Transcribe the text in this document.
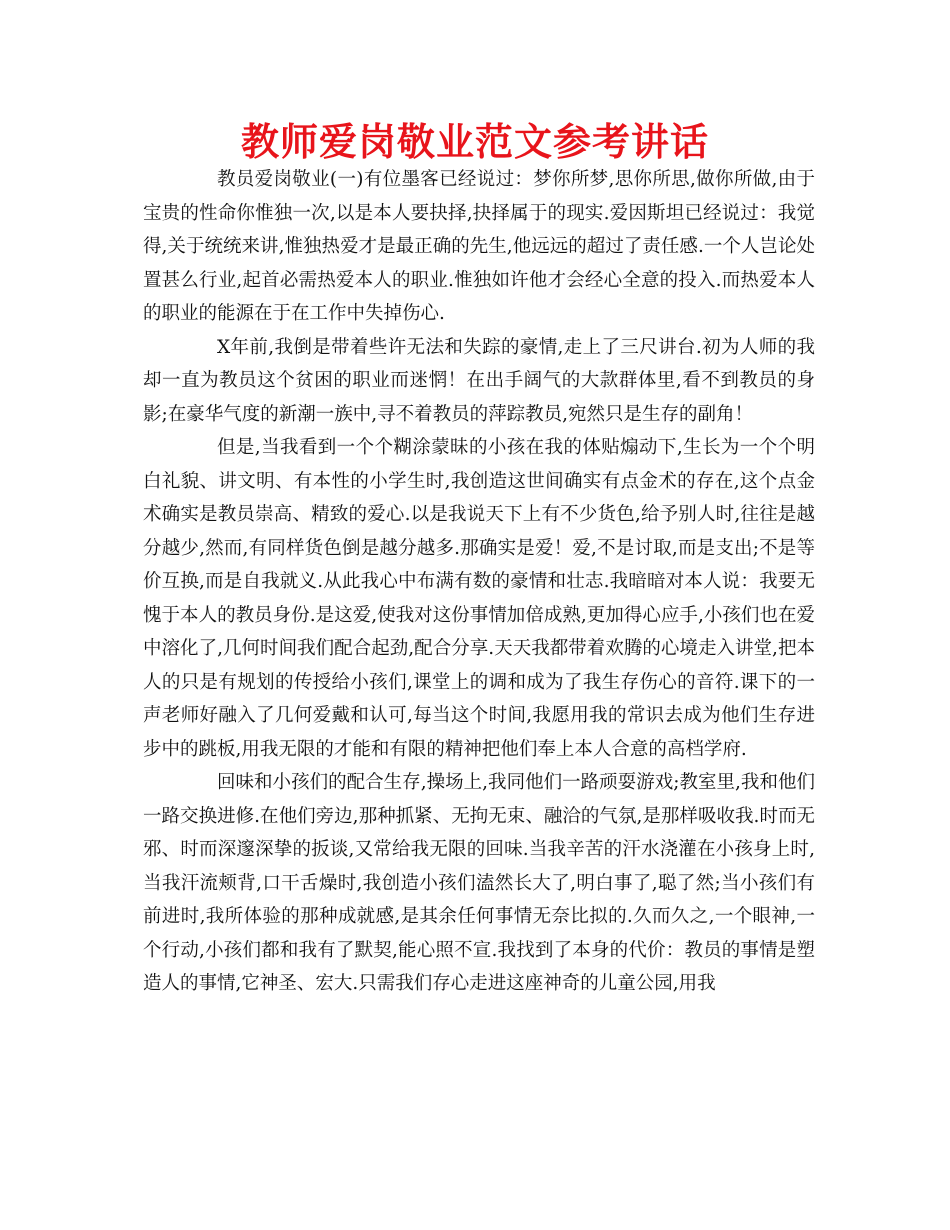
教师爱岗敬业范文参考讲话

教员爱岗敬业(一)有位墨客已经说过：梦你所梦,思你所思,做你所做,由于宝贵的性命你惟独一次,以是本人要抉择,抉择属于的现实.爱因斯坦已经说过：我觉得,关于统统来讲,惟独热爱才是最正确的先生,他远远的超过了责任感.一个人岂论处置甚么行业,起首必需热爱本人的职业.惟独如许他才会经心全意的投入.而热爱本人的职业的能源在于在工作中失掉伤心.

X年前,我倒是带着些许无法和失踪的豪情,走上了三尺讲台.初为人师的我却一直为教员这个贫困的职业而迷惘！在出手阔气的大款群体里,看不到教员的身影;在豪华气度的新潮一族中,寻不着教员的萍踪教员,宛然只是生存的副角！

但是,当我看到一个个糊涂蒙昧的小孩在我的体贴煽动下,生长为一个个明白礼貌、讲文明、有本性的小学生时,我创造这世间确实有点金术的存在,这个点金术确实是教员崇高、精致的爱心.以是我说天下上有不少货色,给予别人时,往往是越分越少,然而,有同样货色倒是越分越多.那确实是爱！爱,不是讨取,而是支出;不是等价互换,而是自我就义.从此我心中布满有数的豪情和壮志.我暗暗对本人说：我要无愧于本人的教员身份.是这爱,使我对这份事情加倍成熟,更加得心应手,小孩们也在爱中溶化了,几何时间我们配合起劲,配合分享.天天我都带着欢腾的心境走入讲堂,把本人的只是有规划的传授给小孩们,课堂上的调和成为了我生存伤心的音符.课下的一声老师好融入了几何爱戴和认可,每当这个时间,我愿用我的常识去成为他们生存进步中的跳板,用我无限的才能和有限的精神把他们奉上本人合意的高档学府.

回味和小孩们的配合生存,操场上,我同他们一路顽耍游戏;教室里,我和他们一路交换进修.在他们旁边,那种抓紧、无拘无束、融洽的气氛,是那样吸收我.时而无邪、时而深邃深挚的扳谈,又常给我无限的回味.当我辛苦的汗水浇灌在小孩身上时,当我汗流颊背,口干舌燥时,我创造小孩们溘然长大了,明白事了,聪了然;当小孩们有前进时,我所体验的那种成就感,是其余任何事情无奈比拟的.久而久之,一个眼神,一个行动,小孩们都和我有了默契,能心照不宣.我找到了本身的代价：教员的事情是塑造人的事情,它神圣、宏大.只需我们存心走进这座神奇的儿童公园,用我
